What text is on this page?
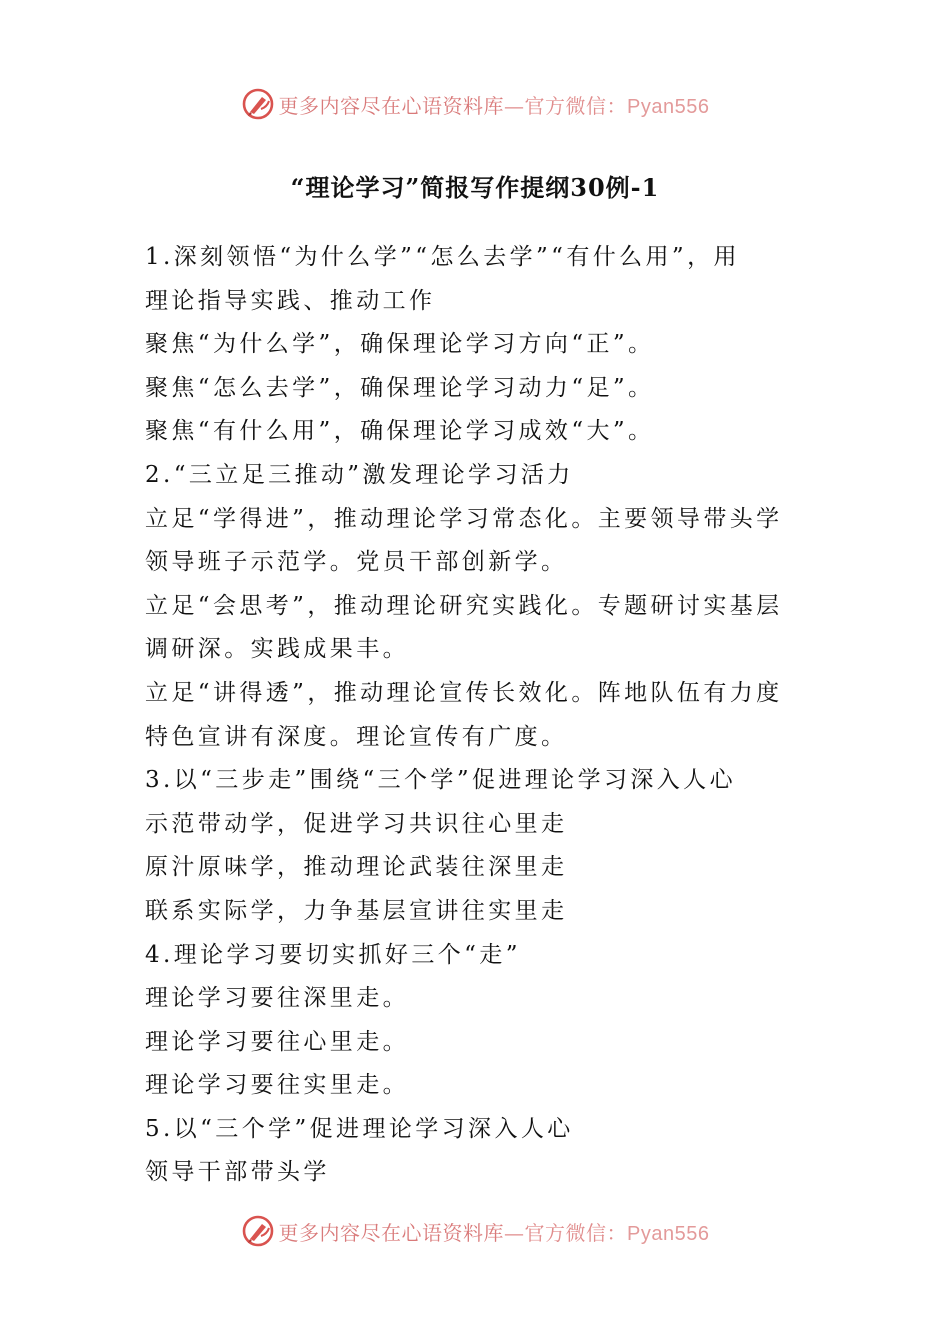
更多内容尽在心语资料库—官方微信：Pyan556
“理论学习”简报写作提纲30例-1
1.深刻领悟“为什么学”“怎么去学”“有什么用”，用
理论指导实践、推动工作
聚焦“为什么学”，确保理论学习方向“正”。
聚焦“怎么去学”，确保理论学习动力“足”。
聚焦“有什么用”，确保理论学习成效“大”。
2.“三立足三推动”激发理论学习活力
立足“学得进”，推动理论学习常态化。主要领导带头学
领导班子示范学。党员干部创新学。
立足“会思考”，推动理论研究实践化。专题研讨实基层
调研深。实践成果丰。
立足“讲得透”，推动理论宣传长效化。阵地队伍有力度
特色宣讲有深度。理论宣传有广度。
3.以“三步走”围绕“三个学”促进理论学习深入人心
示范带动学，促进学习共识往心里走
原汁原味学，推动理论武装往深里走
联系实际学，力争基层宣讲往实里走
4.理论学习要切实抓好三个“走”
理论学习要往深里走。
理论学习要往心里走。
理论学习要往实里走。
5.以“三个学”促进理论学习深入人心
领导干部带头学
更多内容尽在心语资料库—官方微信：Pyan556
